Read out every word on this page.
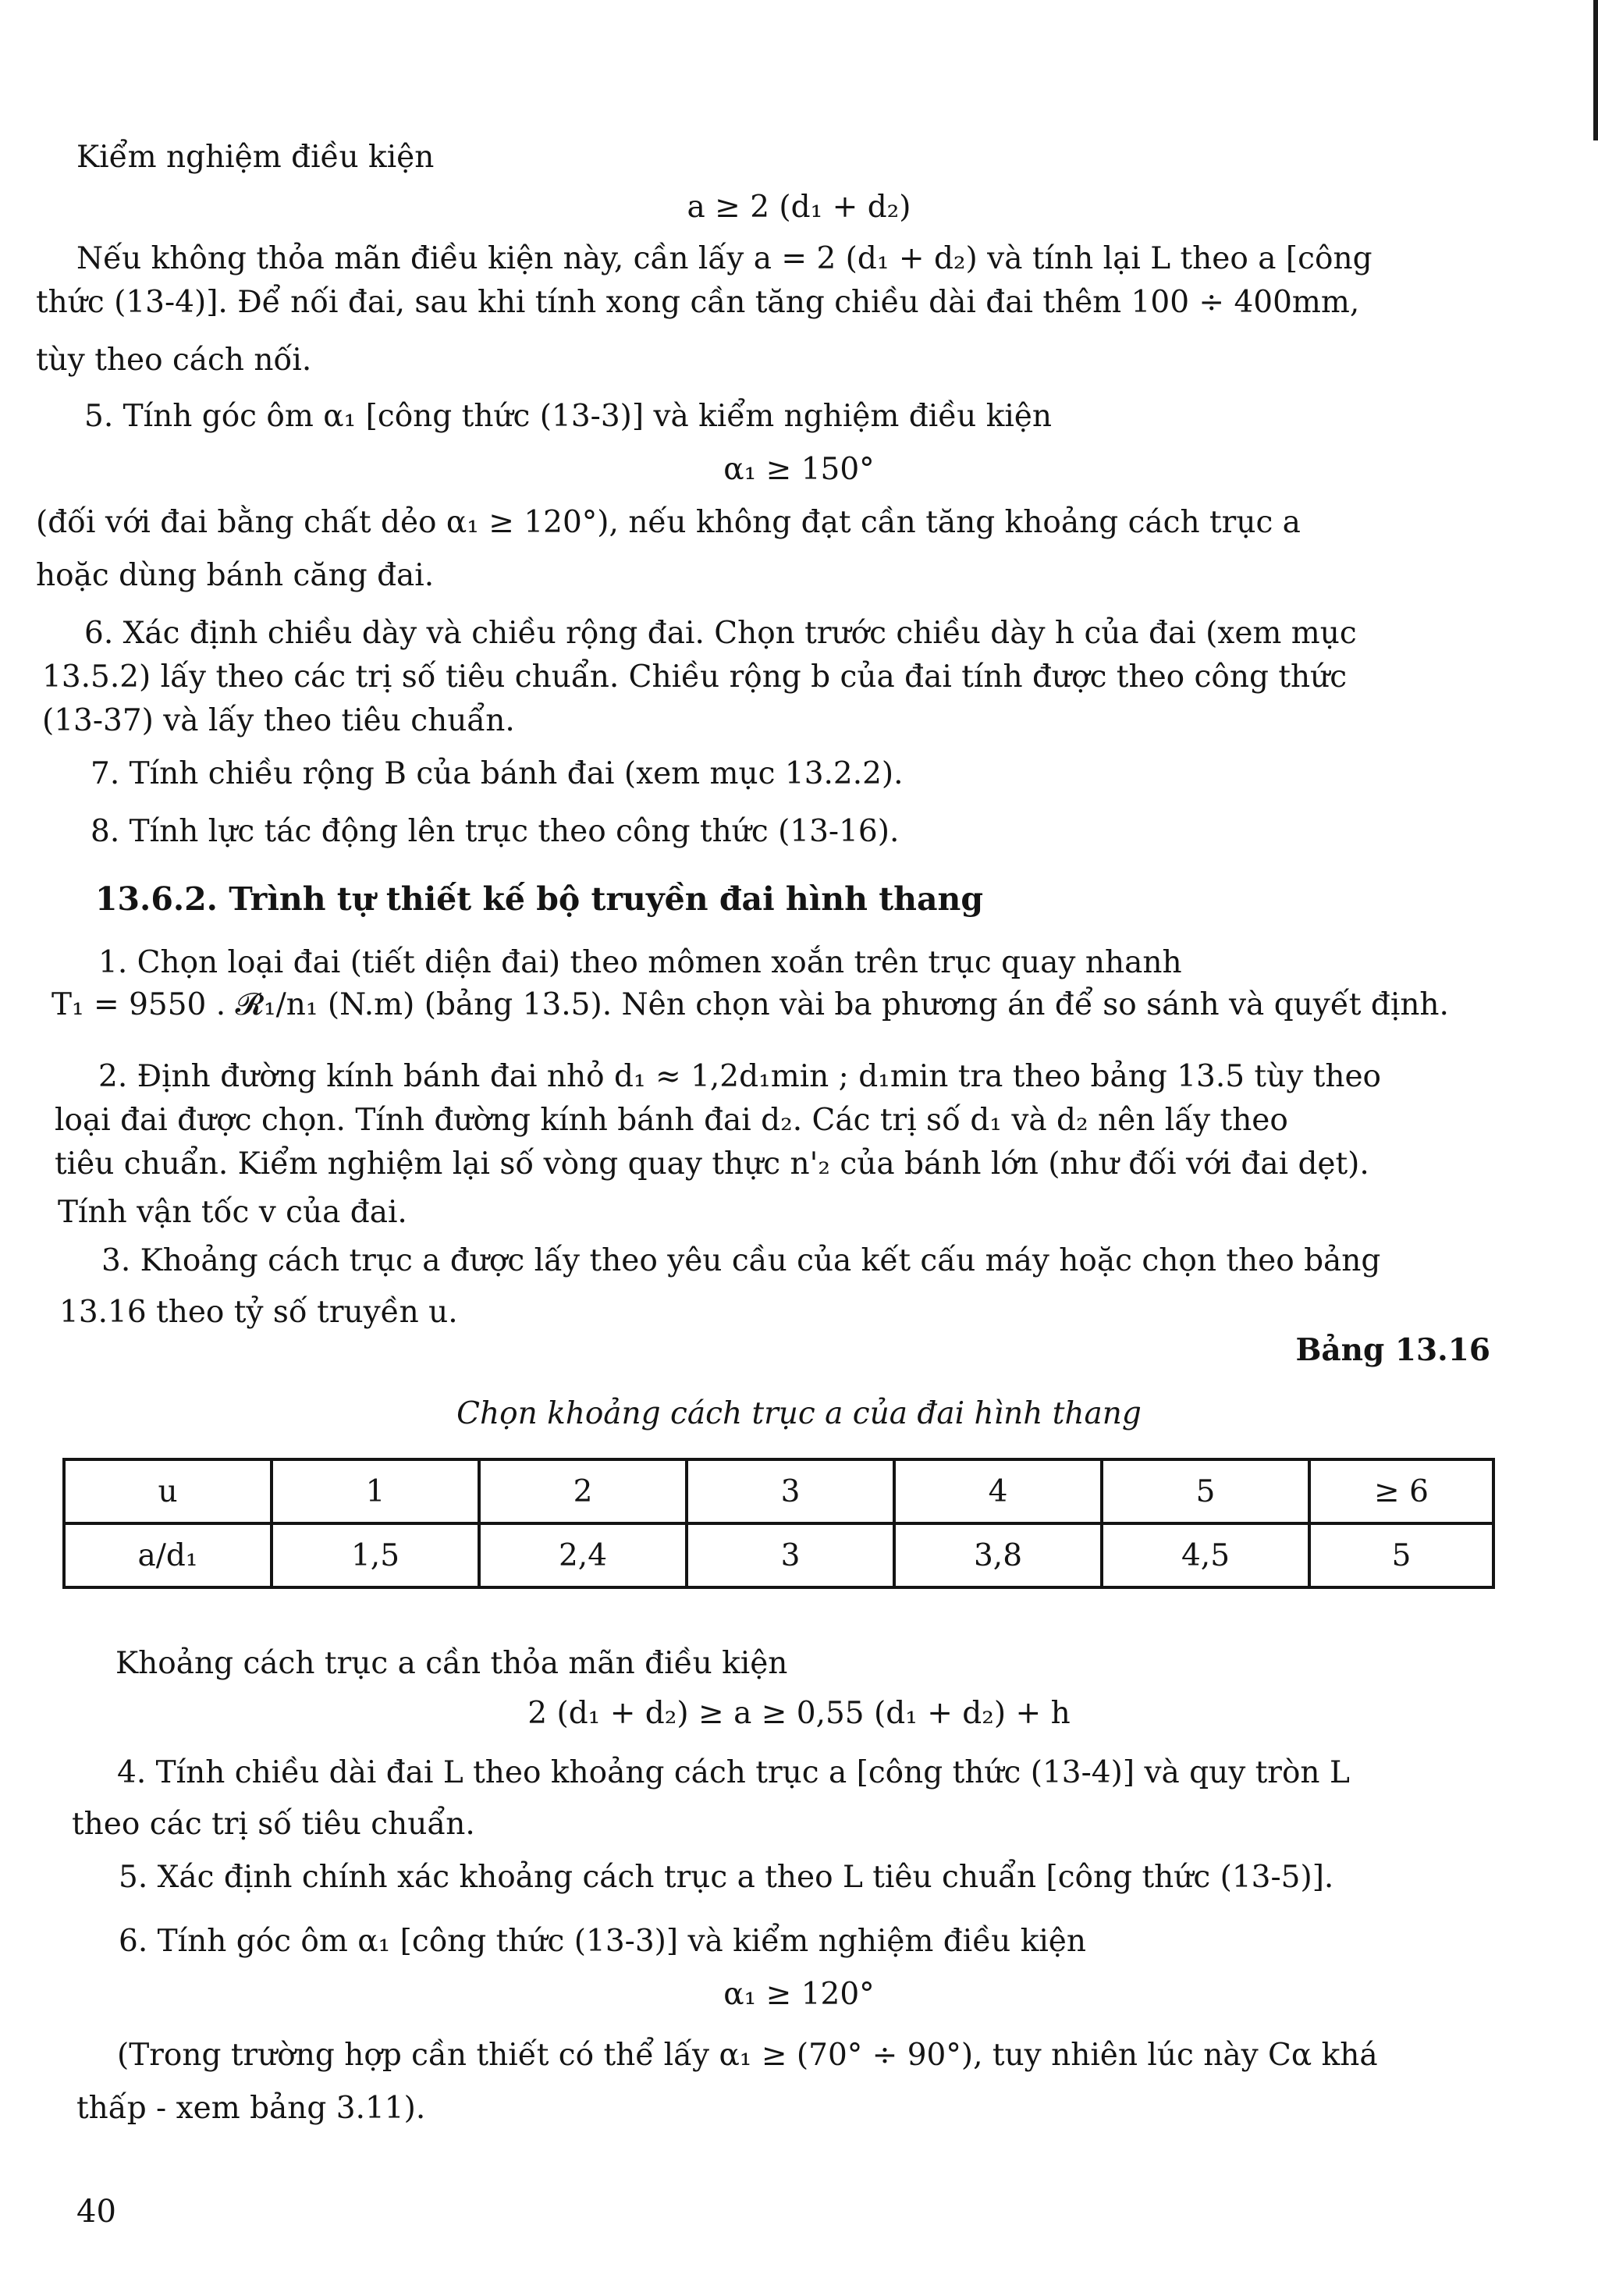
Kiểm nghiệm điều kiện
a ≥ 2 (d₁ + d₂)
Nếu không thỏa mãn điều kiện này, cần lấy a = 2 (d₁ + d₂) và tính lại L theo a [công
thức (13-4)]. Để nối đai, sau khi tính xong cần tăng chiều dài đai thêm 100 ÷ 400mm,
tùy theo cách nối.
5. Tính góc ôm α₁ [công thức (13-3)] và kiểm nghiệm điều kiện
α₁ ≥ 150°
(đối với đai bằng chất dẻo α₁ ≥ 120°), nếu không đạt cần tăng khoảng cách trục a
hoặc dùng bánh căng đai.
6. Xác định chiều dày và chiều rộng đai. Chọn trước chiều dày h của đai (xem mục
13.5.2) lấy theo các trị số tiêu chuẩn. Chiều rộng b của đai tính được theo công thức
(13-37) và lấy theo tiêu chuẩn.
7. Tính chiều rộng B của bánh đai (xem mục 13.2.2).
8. Tính lực tác động lên trục theo công thức (13-16).
13.6.2. Trình tự thiết kế bộ truyền đai hình thang
1. Chọn loại đai (tiết diện đai) theo mômen xoắn trên trục quay nhanh
T₁ = 9550 . 𝓡₁/n₁ (N.m) (bảng 13.5). Nên chọn vài ba phương án để so sánh và quyết định.
2. Định đường kính bánh đai nhỏ d₁ ≈ 1,2d₁min ; d₁min tra theo bảng 13.5 tùy theo
loại đai được chọn. Tính đường kính bánh đai d₂. Các trị số d₁ và d₂ nên lấy theo
tiêu chuẩn. Kiểm nghiệm lại số vòng quay thực n'₂ của bánh lớn (như đối với đai dẹt).
Tính vận tốc v của đai.
3. Khoảng cách trục a được lấy theo yêu cầu của kết cấu máy hoặc chọn theo bảng
13.16 theo tỷ số truyền u.
Bảng 13.16
Chọn khoảng cách trục a của đai hình thang
u	1	2	3	4	5	≥ 6
a/d₁	1,5	2,4	3	3,8	4,5	5
Khoảng cách trục a cần thỏa mãn điều kiện
2 (d₁ + d₂) ≥ a ≥ 0,55 (d₁ + d₂) + h
4. Tính chiều dài đai L theo khoảng cách trục a [công thức (13-4)] và quy tròn L
theo các trị số tiêu chuẩn.
5. Xác định chính xác khoảng cách trục a theo L tiêu chuẩn [công thức (13-5)].
6. Tính góc ôm α₁ [công thức (13-3)] và kiểm nghiệm điều kiện
α₁ ≥ 120°
(Trong trường hợp cần thiết có thể lấy α₁ ≥ (70° ÷ 90°), tuy nhiên lúc này Cα khá
thấp - xem bảng 3.11).
40
